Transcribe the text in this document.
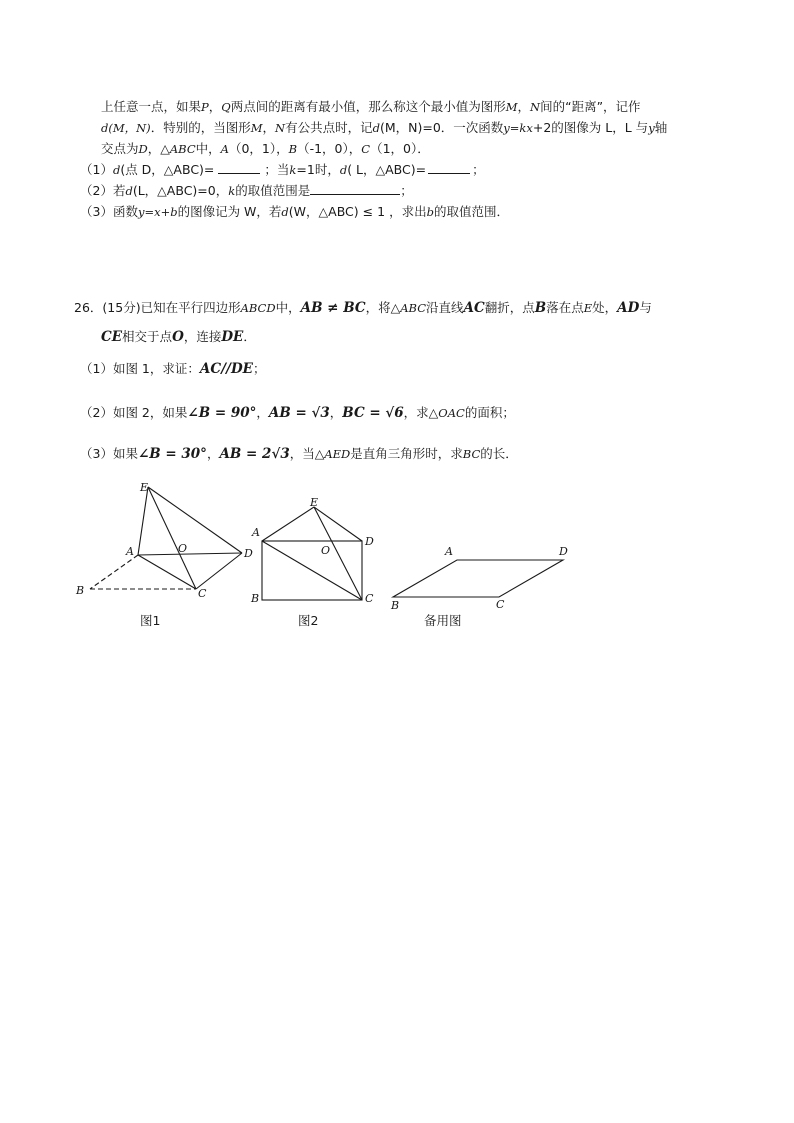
上任意一点，如果P，Q两点间的距离有最小值，那么称这个最小值为图形M，N间的“距离”，记作
d(M，N)．特别的，当图形M，N有公共点时，记d(M，N)=0．一次函数y=kx+2的图像为 L，L 与y轴
交点为D，△ABC中，A（0，1），B（-1，0），C（1，0）．
（1）d(点 D，△ABC)=	；当k=1时，d( L，△ABC)=	；
（2）若d(L，△ABC)=0，k的取值范围是	；
（3）函数y=x+b的图像记为 W，若d(W，△ABC) ≤ 1 ，求出b的取值范围．
26．(15分)已知在平行四边形ABCD中，AB ≠ BC，将△ABC沿直线AC翻折，点B落在点E处，AD与
CE相交于点O，连接DE．
（1）如图 1，求证：AC//DE；
（2）如图 2，如果∠B = 90°，AB = √3，BC = √6，求△OAC的面积；
（3）如果∠B = 30°，AB = 2√3，当△AED是直角三角形时，求BC的长．
E
A	O	D
B	C
图1
E
A
O
D
B	C
图2
A	D
B	C
备用图
